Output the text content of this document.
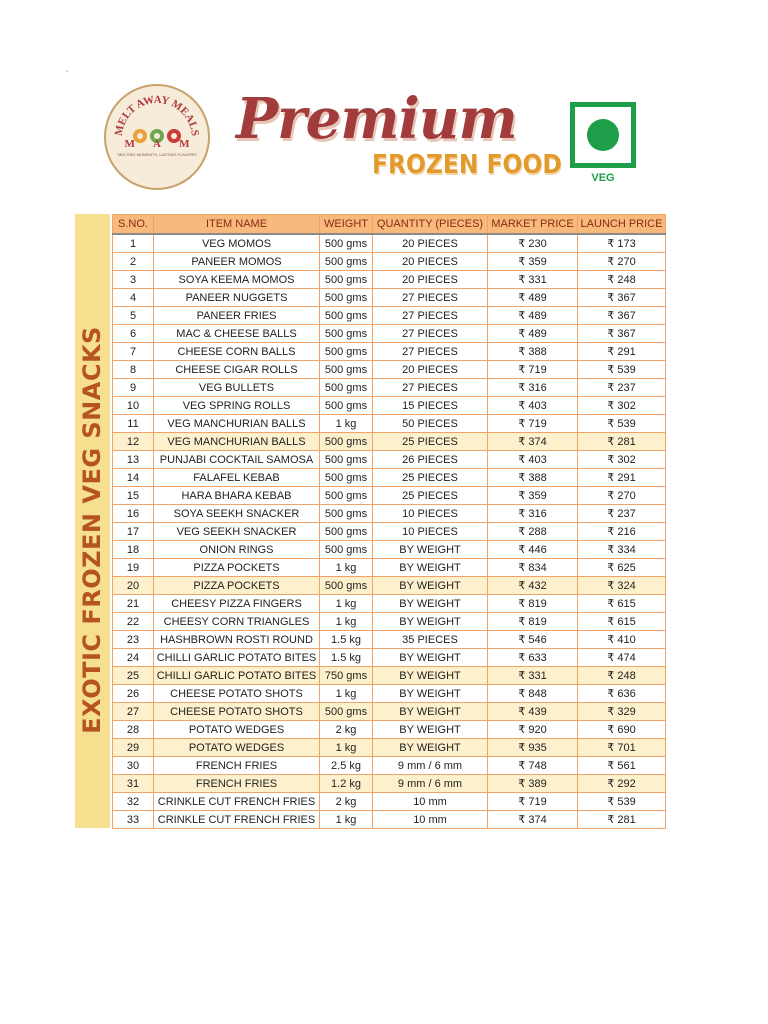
`
MELT AWAY MEALS
M A M
"MELTING MOMENTS, LASTING FLAVORS"
Premium
FROZEN FOOD	VEG
EXOTIC FROZEN VEG SNACKS
S.NO.	ITEM NAME	WEIGHT	QUANTITY (PIECES)	MARKET PRICE	LAUNCH PRICE
1	VEG MOMOS	500 gms	20 PIECES	₹ 230	₹ 173
2	PANEER MOMOS	500 gms	20 PIECES	₹ 359	₹ 270
3	SOYA KEEMA MOMOS	500 gms	20 PIECES	₹ 331	₹ 248
4	PANEER NUGGETS	500 gms	27 PIECES	₹ 489	₹ 367
5	PANEER FRIES	500 gms	27 PIECES	₹ 489	₹ 367
6	MAC & CHEESE BALLS	500 gms	27 PIECES	₹ 489	₹ 367
7	CHEESE CORN BALLS	500 gms	27 PIECES	₹ 388	₹ 291
8	CHEESE CIGAR ROLLS	500 gms	20 PIECES	₹ 719	₹ 539
9	VEG BULLETS	500 gms	27 PIECES	₹ 316	₹ 237
10	VEG SPRING ROLLS	500 gms	15 PIECES	₹ 403	₹ 302
11	VEG MANCHURIAN BALLS	1 kg	50 PIECES	₹ 719	₹ 539
12	VEG MANCHURIAN BALLS	500 gms	25 PIECES	₹ 374	₹ 281
13	PUNJABI COCKTAIL SAMOSA	500 gms	26 PIECES	₹ 403	₹ 302
14	FALAFEL KEBAB	500 gms	25 PIECES	₹ 388	₹ 291
15	HARA BHARA KEBAB	500 gms	25 PIECES	₹ 359	₹ 270
16	SOYA SEEKH SNACKER	500 gms	10 PIECES	₹ 316	₹ 237
17	VEG SEEKH SNACKER	500 gms	10 PIECES	₹ 288	₹ 216
18	ONION RINGS	500 gms	BY WEIGHT	₹ 446	₹ 334
19	PIZZA POCKETS	1 kg	BY WEIGHT	₹ 834	₹ 625
20	PIZZA POCKETS	500 gms	BY WEIGHT	₹ 432	₹ 324
21	CHEESY PIZZA FINGERS	1 kg	BY WEIGHT	₹ 819	₹ 615
22	CHEESY CORN TRIANGLES	1 kg	BY WEIGHT	₹ 819	₹ 615
23	HASHBROWN ROSTI ROUND	1.5 kg	35 PIECES	₹ 546	₹ 410
24	CHILLI GARLIC POTATO BITES	1.5 kg	BY WEIGHT	₹ 633	₹ 474
25	CHILLI GARLIC POTATO BITES	750 gms	BY WEIGHT	₹ 331	₹ 248
26	CHEESE POTATO SHOTS	1 kg	BY WEIGHT	₹ 848	₹ 636
27	CHEESE POTATO SHOTS	500 gms	BY WEIGHT	₹ 439	₹ 329
28	POTATO WEDGES	2 kg	BY WEIGHT	₹ 920	₹ 690
29	POTATO WEDGES	1 kg	BY WEIGHT	₹ 935	₹ 701
30	FRENCH FRIES	2.5 kg	9 mm / 6 mm	₹ 748	₹ 561
31	FRENCH FRIES	1.2 kg	9 mm / 6 mm	₹ 389	₹ 292
32	CRINKLE CUT FRENCH FRIES	2 kg	10 mm	₹ 719	₹ 539
33	CRINKLE CUT FRENCH FRIES	1 kg	10 mm	₹ 374	₹ 281
